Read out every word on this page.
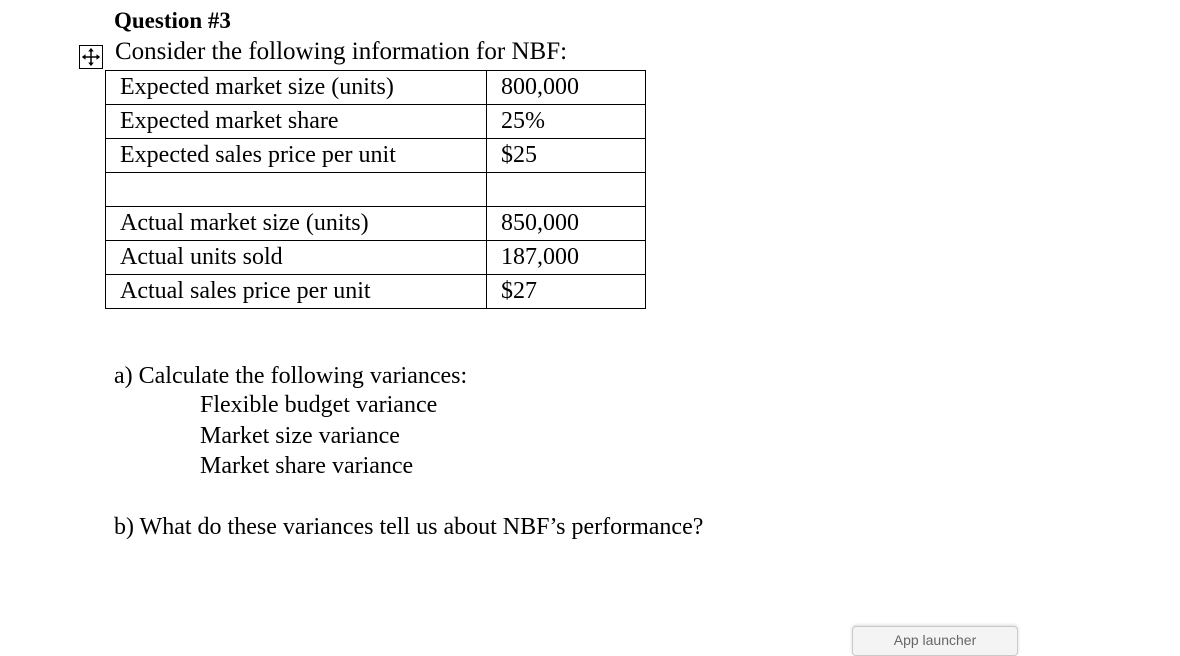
Question #3
Consider the following information for NBF:
Expected market size (units)	800,000
Expected market share	25%
Expected sales price per unit	$25

Actual market size (units)	850,000
Actual units sold	187,000
Actual sales price per unit	$27
a) Calculate the following variances:
Flexible budget variance
Market size variance
Market share variance
b) What do these variances tell us about NBF’s performance?
App launcher
